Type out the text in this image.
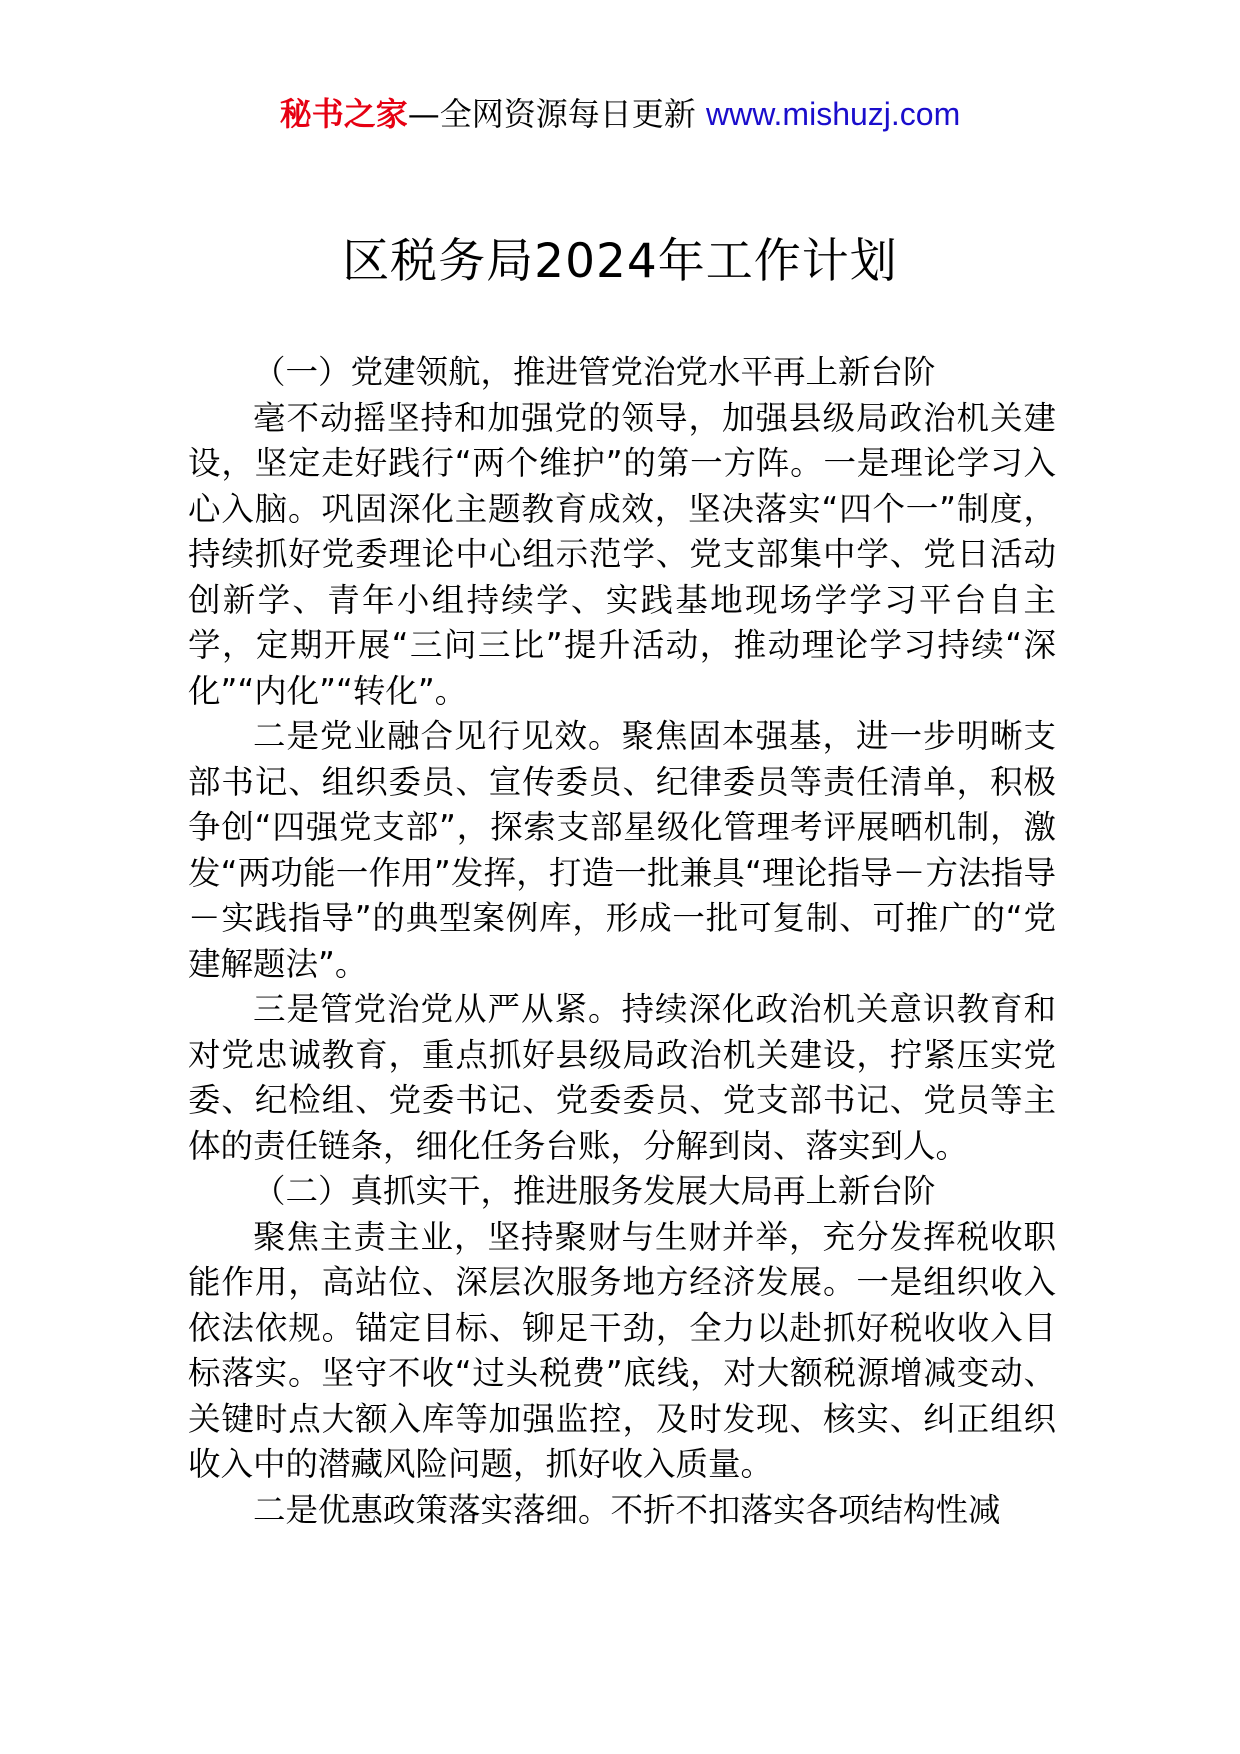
秘书之家—全网资源每日更新 www.mishuzj.com
区税务局2024年工作计划

（一）党建领航，推进管党治党水平再上新台阶

毫不动摇坚持和加强党的领导，加强县级局政治机关建设，坚定走好践行“两个维护”的第一方阵。一是理论学习入心入脑。巩固深化主题教育成效，坚决落实“四个一”制度，持续抓好党委理论中心组示范学、党支部集中学、党日活动创新学、青年小组持续学、实践基地现场学学习平台自主学，定期开展“三问三比”提升活动，推动理论学习持续“深化”“内化”“转化”。

二是党业融合见行见效。聚焦固本强基，进一步明晰支部书记、组织委员、宣传委员、纪律委员等责任清单，积极争创“四强党支部”，探索支部星级化管理考评展晒机制，激发“两功能一作用”发挥，打造一批兼具“理论指导－方法指导－实践指导”的典型案例库，形成一批可复制、可推广的“党建解题法”。

三是管党治党从严从紧。持续深化政治机关意识教育和对党忠诚教育，重点抓好县级局政治机关建设，拧紧压实党委、纪检组、党委书记、党委委员、党支部书记、党员等主体的责任链条，细化任务台账，分解到岗、落实到人。

（二）真抓实干，推进服务发展大局再上新台阶

聚焦主责主业，坚持聚财与生财并举，充分发挥税收职能作用，高站位、深层次服务地方经济发展。一是组织收入依法依规。锚定目标、铆足干劲，全力以赴抓好税收收入目标落实。坚守不收“过头税费”底线，对大额税源增减变动、关键时点大额入库等加强监控，及时发现、核实、纠正组织收入中的潜藏风险问题，抓好收入质量。

二是优惠政策落实落细。不折不扣落实各项结构性减
